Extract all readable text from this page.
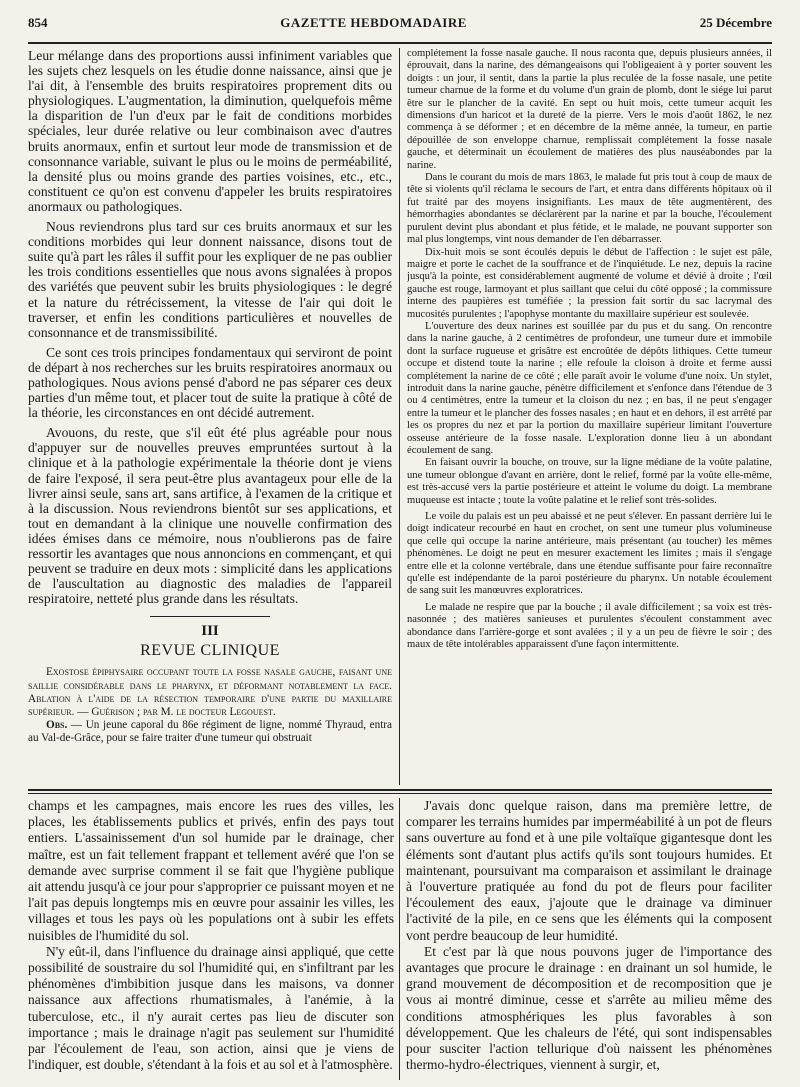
854	GAZETTE HEBDOMADAIRE	25 Décembre

Leur mélange dans des proportions aussi infiniment variables que les sujets chez lesquels on les étudie donne naissance, ainsi que je l'ai dit, à l'ensemble des bruits respiratoires proprement dits ou physiologiques. L'augmentation, la diminution, quelquefois même la disparition de l'un d'eux par le fait de conditions morbides spéciales, leur durée relative ou leur combinaison avec d'autres bruits anormaux, enfin et surtout leur mode de transmission et de consonnance variable, suivant le plus ou le moins de perméabilité, la densité plus ou moins grande des parties voisines, etc., etc., constituent ce qu'on est convenu d'appeler les bruits respiratoires anormaux ou pathologiques.

Nous reviendrons plus tard sur ces bruits anormaux et sur les conditions morbides qui leur donnent naissance, disons tout de suite qu'à part les râles il suffit pour les expliquer de ne pas oublier les trois conditions essentielles que nous avons signalées à propos des variétés que peuvent subir les bruits physiologiques : le degré et la nature du rétrécissement, la vitesse de l'air qui doit le traverser, et enfin les conditions particulières et nouvelles de consonnance et de transmissibilité.

Ce sont ces trois principes fondamentaux qui serviront de point de départ à nos recherches sur les bruits respiratoires anormaux ou pathologiques. Nous avions pensé d'abord ne pas séparer ces deux parties d'un même tout, et placer tout de suite la pratique à côté de la théorie, les circonstances en ont décidé autrement.

Avouons, du reste, que s'il eût été plus agréable pour nous d'appuyer sur de nouvelles preuves empruntées surtout à la clinique et à la pathologie expérimentale la théorie dont je viens de faire l'exposé, il sera peut-être plus avantageux pour elle de la livrer ainsi seule, sans art, sans artifice, à l'examen de la critique et à la discussion. Nous reviendrons bientôt sur ses applications, et tout en demandant à la clinique une nouvelle confirmation des idées émises dans ce mémoire, nous n'oublierons pas de faire ressortir les avantages que nous annoncions en commençant, et qui peuvent se traduire en deux mots : simplicité dans les applications de l'auscultation au diagnostic des maladies de l'appareil respiratoire, netteté plus grande dans les résultats.

III
REVUE CLINIQUE

Exostose épiphysaire occupant toute la fosse nasale gauche, faisant une saillie considérable dans le pharynx, et déformant notablement la face. Ablation à l'aide de la résection temporaire d'une partie du maxillaire supérieur. — Guérison ; par M. le docteur Legouest.

Obs. — Un jeune caporal du 86e régiment de ligne, nommé Thyraud, entra au Val-de-Grâce, pour se faire traiter d'une tumeur qui obstruait

complétement la fosse nasale gauche. Il nous raconta que, depuis plusieurs années, il éprouvait, dans la narine, des démangeaisons qui l'obligeaient à y porter souvent les doigts : un jour, il sentit, dans la partie la plus reculée de la fosse nasale, une petite tumeur charnue de la forme et du volume d'un grain de plomb, dont le siége lui parut être sur le plancher de la cavité. En sept ou huit mois, cette tumeur acquit les dimensions d'un haricot et la dureté de la pierre. Vers le mois d'août 1862, le nez commença à se déformer ; et en décembre de la même année, la tumeur, en partie dépouillée de son enveloppe charnue, remplissait complétement la fosse nasale gauche, et déterminait un écoulement de matières des plus nauséabondes par la narine.

Dans le courant du mois de mars 1863, le malade fut pris tout à coup de maux de tête si violents qu'il réclama le secours de l'art, et entra dans différents hôpitaux où il fut traité par des moyens insignifiants. Les maux de tête augmentèrent, des hémorrhagies abondantes se déclarèrent par la narine et par la bouche, l'écoulement purulent devint plus abondant et plus fétide, et le malade, ne pouvant supporter son mal plus longtemps, vint nous demander de l'en débarrasser.

Dix-huit mois se sont écoulés depuis le début de l'affection : le sujet est pâle, maigre et porte le cachet de la souffrance et de l'inquiétude. Le nez, depuis la racine jusqu'à la pointe, est considérablement augmenté de volume et dévié à droite ; l'œil gauche est rouge, larmoyant et plus saillant que celui du côté opposé ; la commissure interne des paupières est tuméfiée ; la pression fait sortir du sac lacrymal des mucosités purulentes ; l'apophyse montante du maxillaire supérieur est soulevée.

L'ouverture des deux narines est souillée par du pus et du sang. On rencontre dans la narine gauche, à 2 centimètres de profondeur, une tumeur dure et immobile dont la surface rugueuse et grisâtre est encroûtée de dépôts lithiques. Cette tumeur occupe et distend toute la narine ; elle refoule la cloison à droite et ferme aussi complétement la narine de ce côté ; elle paraît avoir le volume d'une noix. Un stylet, introduit dans la narine gauche, pénètre difficilement et s'enfonce dans l'étendue de 3 ou 4 centimètres, entre la tumeur et la cloison du nez ; en bas, il ne peut s'engager entre la tumeur et le plancher des fosses nasales ; en haut et en dehors, il est arrêté par les os propres du nez et par la portion du maxillaire supérieur limitant l'ouverture osseuse antérieure de la fosse nasale. L'exploration donne lieu à un abondant écoulement de sang.

En faisant ouvrir la bouche, on trouve, sur la ligne médiane de la voûte palatine, une tumeur oblongue d'avant en arrière, dont le relief, formé par la voûte elle-même, est très-accusé vers la partie postérieure et atteint le volume du doigt. La membrane muqueuse est intacte ; toute la voûte palatine et le relief sont très-solides.

Le voile du palais est un peu abaissé et ne peut s'élever. En passant derrière lui le doigt indicateur recourbé en haut en crochet, on sent une tumeur plus volumineuse que celle qui occupe la narine antérieure, mais présentant (au toucher) les mêmes phénomènes. Le doigt ne peut en mesurer exactement les limites ; mais il s'engage entre elle et la colonne vertébrale, dans une étendue suffisante pour faire reconnaître qu'elle est indépendante de la paroi postérieure du pharynx. Un notable écoulement de sang suit les manœuvres exploratrices.

Le malade ne respire que par la bouche ; il avale difficilement ; sa voix est très-nasonnée ; des matières sanieuses et purulentes s'écoulent constamment avec abondance dans l'arrière-gorge et sont avalées ; il y a un peu de fièvre le soir ; des maux de tête intolérables apparaissent d'une façon intermittente.

champs et les campagnes, mais encore les rues des villes, les places, les établissements publics et privés, enfin des pays tout entiers. L'assainissement d'un sol humide par le drainage, cher maître, est un fait tellement frappant et tellement avéré que l'on se demande avec surprise comment il se fait que l'hygiène publique ait attendu jusqu'à ce jour pour s'approprier ce puissant moyen et ne l'ait pas depuis longtemps mis en œuvre pour assainir les villes, les villages et tous les pays où les populations ont à subir les effets nuisibles de l'humidité du sol.

N'y eût-il, dans l'influence du drainage ainsi appliqué, que cette possibilité de soustraire du sol l'humidité qui, en s'infiltrant par les phénomènes d'imbibition jusque dans les maisons, va donner naissance aux affections rhumatismales, à l'anémie, à la tuberculose, etc., il n'y aurait certes pas lieu de discuter son importance ; mais le drainage n'agit pas seulement sur l'humidité par l'écoulement de l'eau, son action, ainsi que je viens de l'indiquer, est double, s'étendant à la fois et au sol et à l'atmosphère.

J'avais donc quelque raison, dans ma première lettre, de comparer les terrains humides par imperméabilité à un pot de fleurs sans ouverture au fond et à une pile voltaïque gigantesque dont les éléments sont d'autant plus actifs qu'ils sont toujours humides. Et maintenant, poursuivant ma comparaison et assimilant le drainage à l'ouverture pratiquée au fond du pot de fleurs pour faciliter l'écoulement des eaux, j'ajoute que le drainage va diminuer l'activité de la pile, en ce sens que les éléments qui la composent vont perdre beaucoup de leur humidité.

Et c'est par là que nous pouvons juger de l'importance des avantages que procure le drainage : en drainant un sol humide, le grand mouvement de décomposition et de recomposition que je vous ai montré diminue, cesse et s'arrête au milieu même des conditions atmosphériques les plus favorables à son développement. Que les chaleurs de l'été, qui sont indispensables pour susciter l'action tellurique d'où naissent les phénomènes thermo-hydro-électriques, viennent à surgir, et,
